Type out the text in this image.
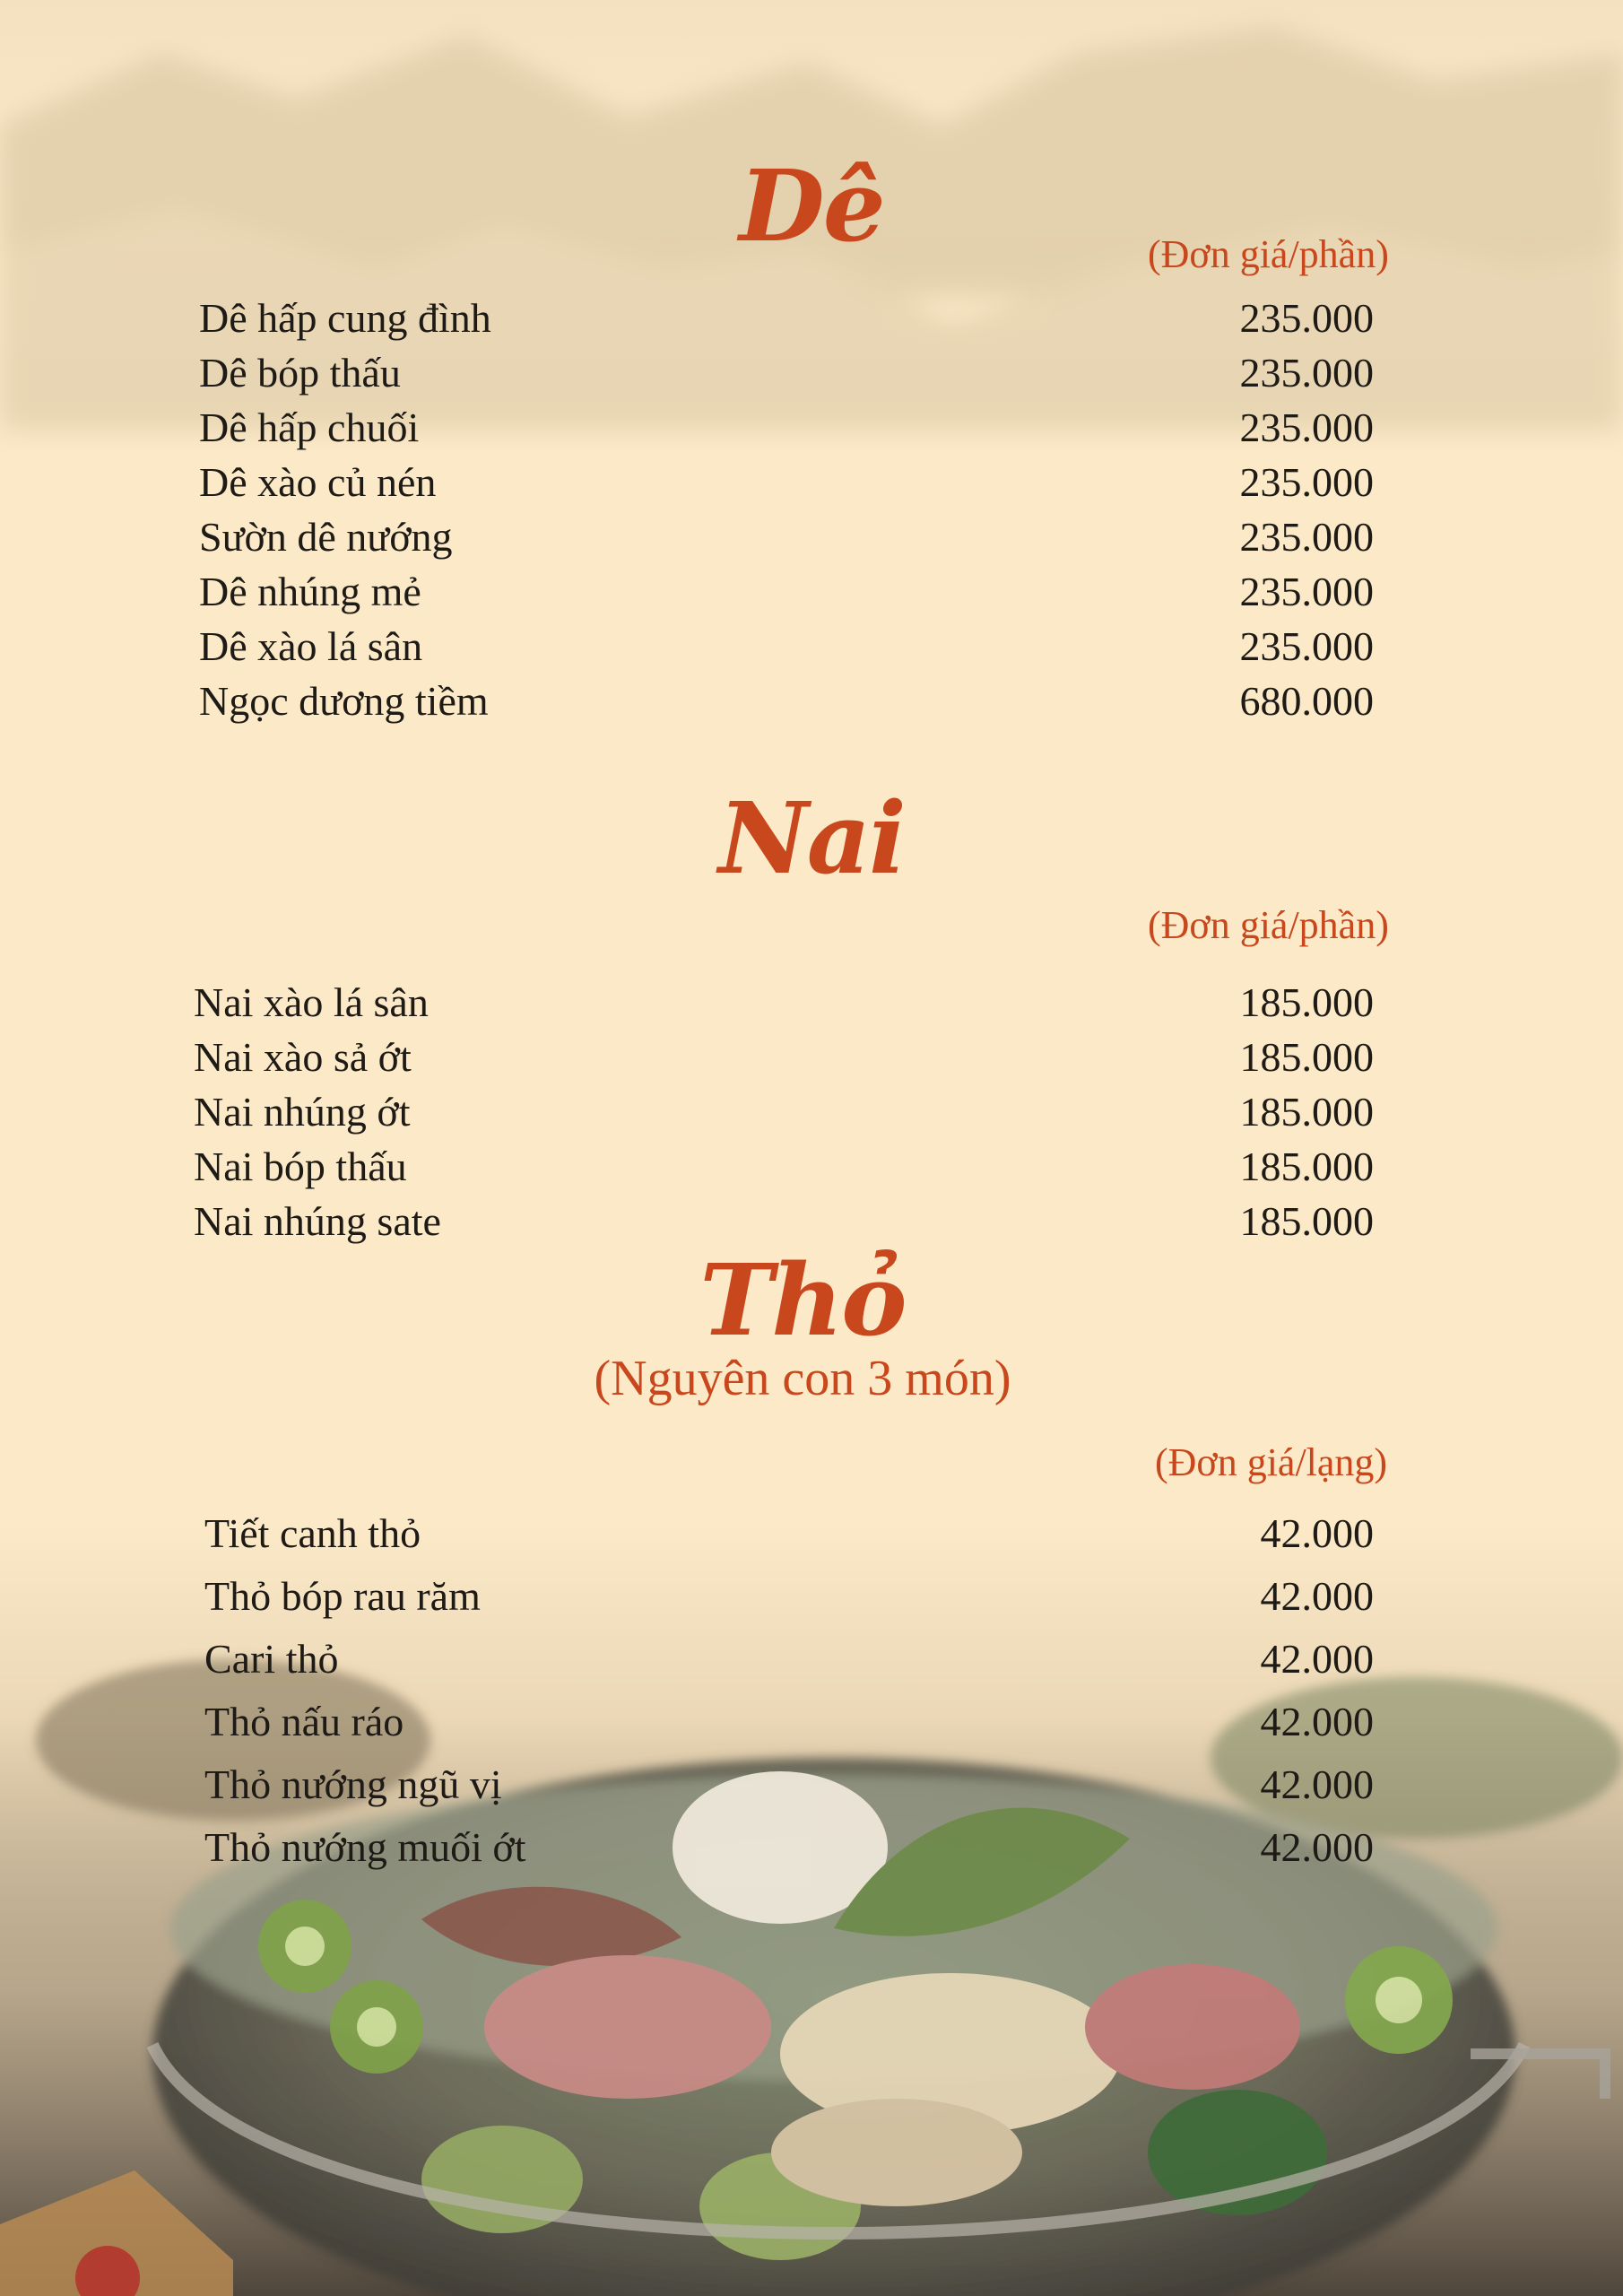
Dê	(Đơn giá/phần)
Dê hấp cung đình	235.000
Dê bóp thấu	235.000
Dê hấp chuối	235.000
Dê xào củ nén	235.000
Sườn dê nướng	235.000
Dê nhúng mẻ	235.000
Dê xào lá sân	235.000
Ngọc dương tiềm	680.000
Nai
(Đơn giá/phần)
Nai xào lá sân	185.000
Nai xào sả ớt	185.000
Nai nhúng ớt	185.000
Nai bóp thấu	185.000
Nai nhúng sate	185.000
Thỏ
(Nguyên con 3 món)
(Đơn giá/lạng)
Tiết canh thỏ	42.000
Thỏ bóp rau răm	42.000
Cari thỏ	42.000
Thỏ nấu ráo	42.000
Thỏ nướng ngũ vị	42.000
Thỏ nướng muối ớt	42.000
